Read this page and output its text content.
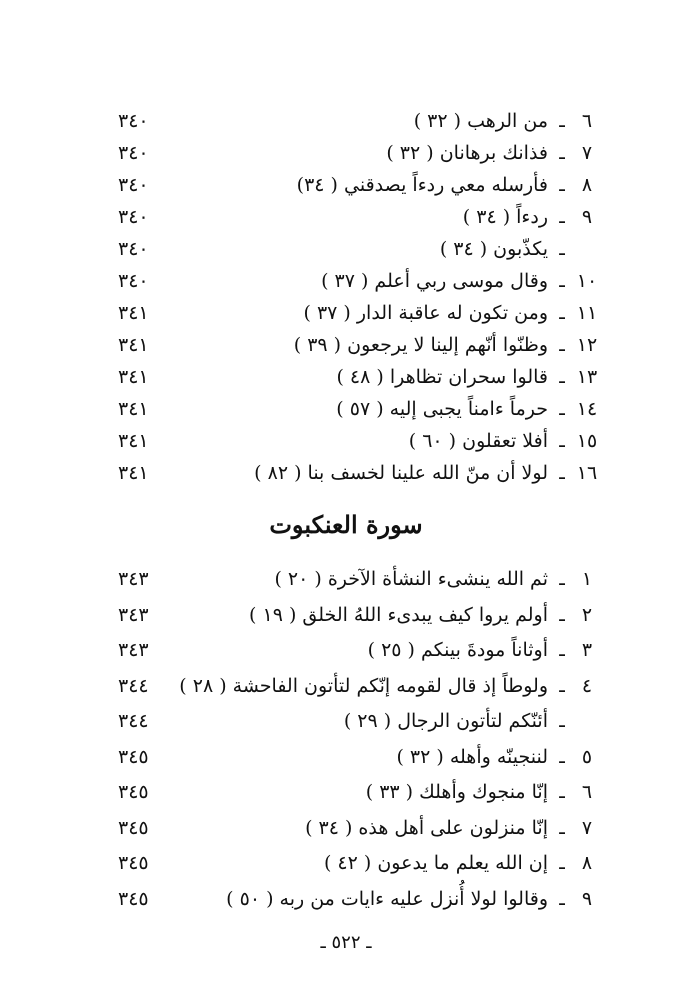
٦
ـ
من الرهب ( ٣٢ )
٣٤٠
٧
ـ
فذانك برهانان ( ٣٢ )
٣٤٠
٨
ـ
فأرسله معي ردءاً يصدقني ( ٣٤)
٣٤٠
٩
ـ
ردءاً ( ٣٤ )
٣٤٠
ـ
يكذّبون ( ٣٤ )
٣٤٠
١٠
ـ
وقال موسى ربي أعلم ( ٣٧ )
٣٤٠
١١
ـ
ومن تكون له عاقبة الدار ( ٣٧ )
٣٤١
١٢
ـ
وظنّوا أنّهم إلينا لا يرجعون ( ٣٩ )
٣٤١
١٣
ـ
قالوا سحران تظاهرا ( ٤٨ )
٣٤١
١٤
ـ
حرماً ءامناً يجبى إليه ( ٥٧ )
٣٤١
١٥
ـ
أفلا تعقلون ( ٦٠ )
٣٤١
١٦
ـ
لولا أن منّ الله علينا لخسف بنا ( ٨٢ )
٣٤١
سورة العنكبوت
١
ـ
ثم الله ينشىء النشأة الآخرة ( ٢٠ )
٣٤٣
٢
ـ
أولم يروا كيف يبدىء اللهُ الخلق ( ١٩ )
٣٤٣
٣
ـ
أوثاناً مودةَ بينكم ( ٢٥ )
٣٤٣
٤
ـ
ولوطاً إذ قال لقومه إنّكم لتأتون الفاحشة ( ٢٨ )
٣٤٤
ـ
أئنّكم لتأتون الرجال ( ٢٩ )
٣٤٤
٥
ـ
لننجينّه وأهله ( ٣٢ )
٣٤٥
٦
ـ
إنّا منجوك وأهلك ( ٣٣ )
٣٤٥
٧
ـ
إنّا منزلون على أهل هذه ( ٣٤ )
٣٤٥
٨
ـ
إن الله يعلم ما يدعون ( ٤٢ )
٣٤٥
٩
ـ
وقالوا لولا أُنزل عليه ءايات من ربه ( ٥٠ )
٣٤٥
ـ ٥٢٢ ـ
